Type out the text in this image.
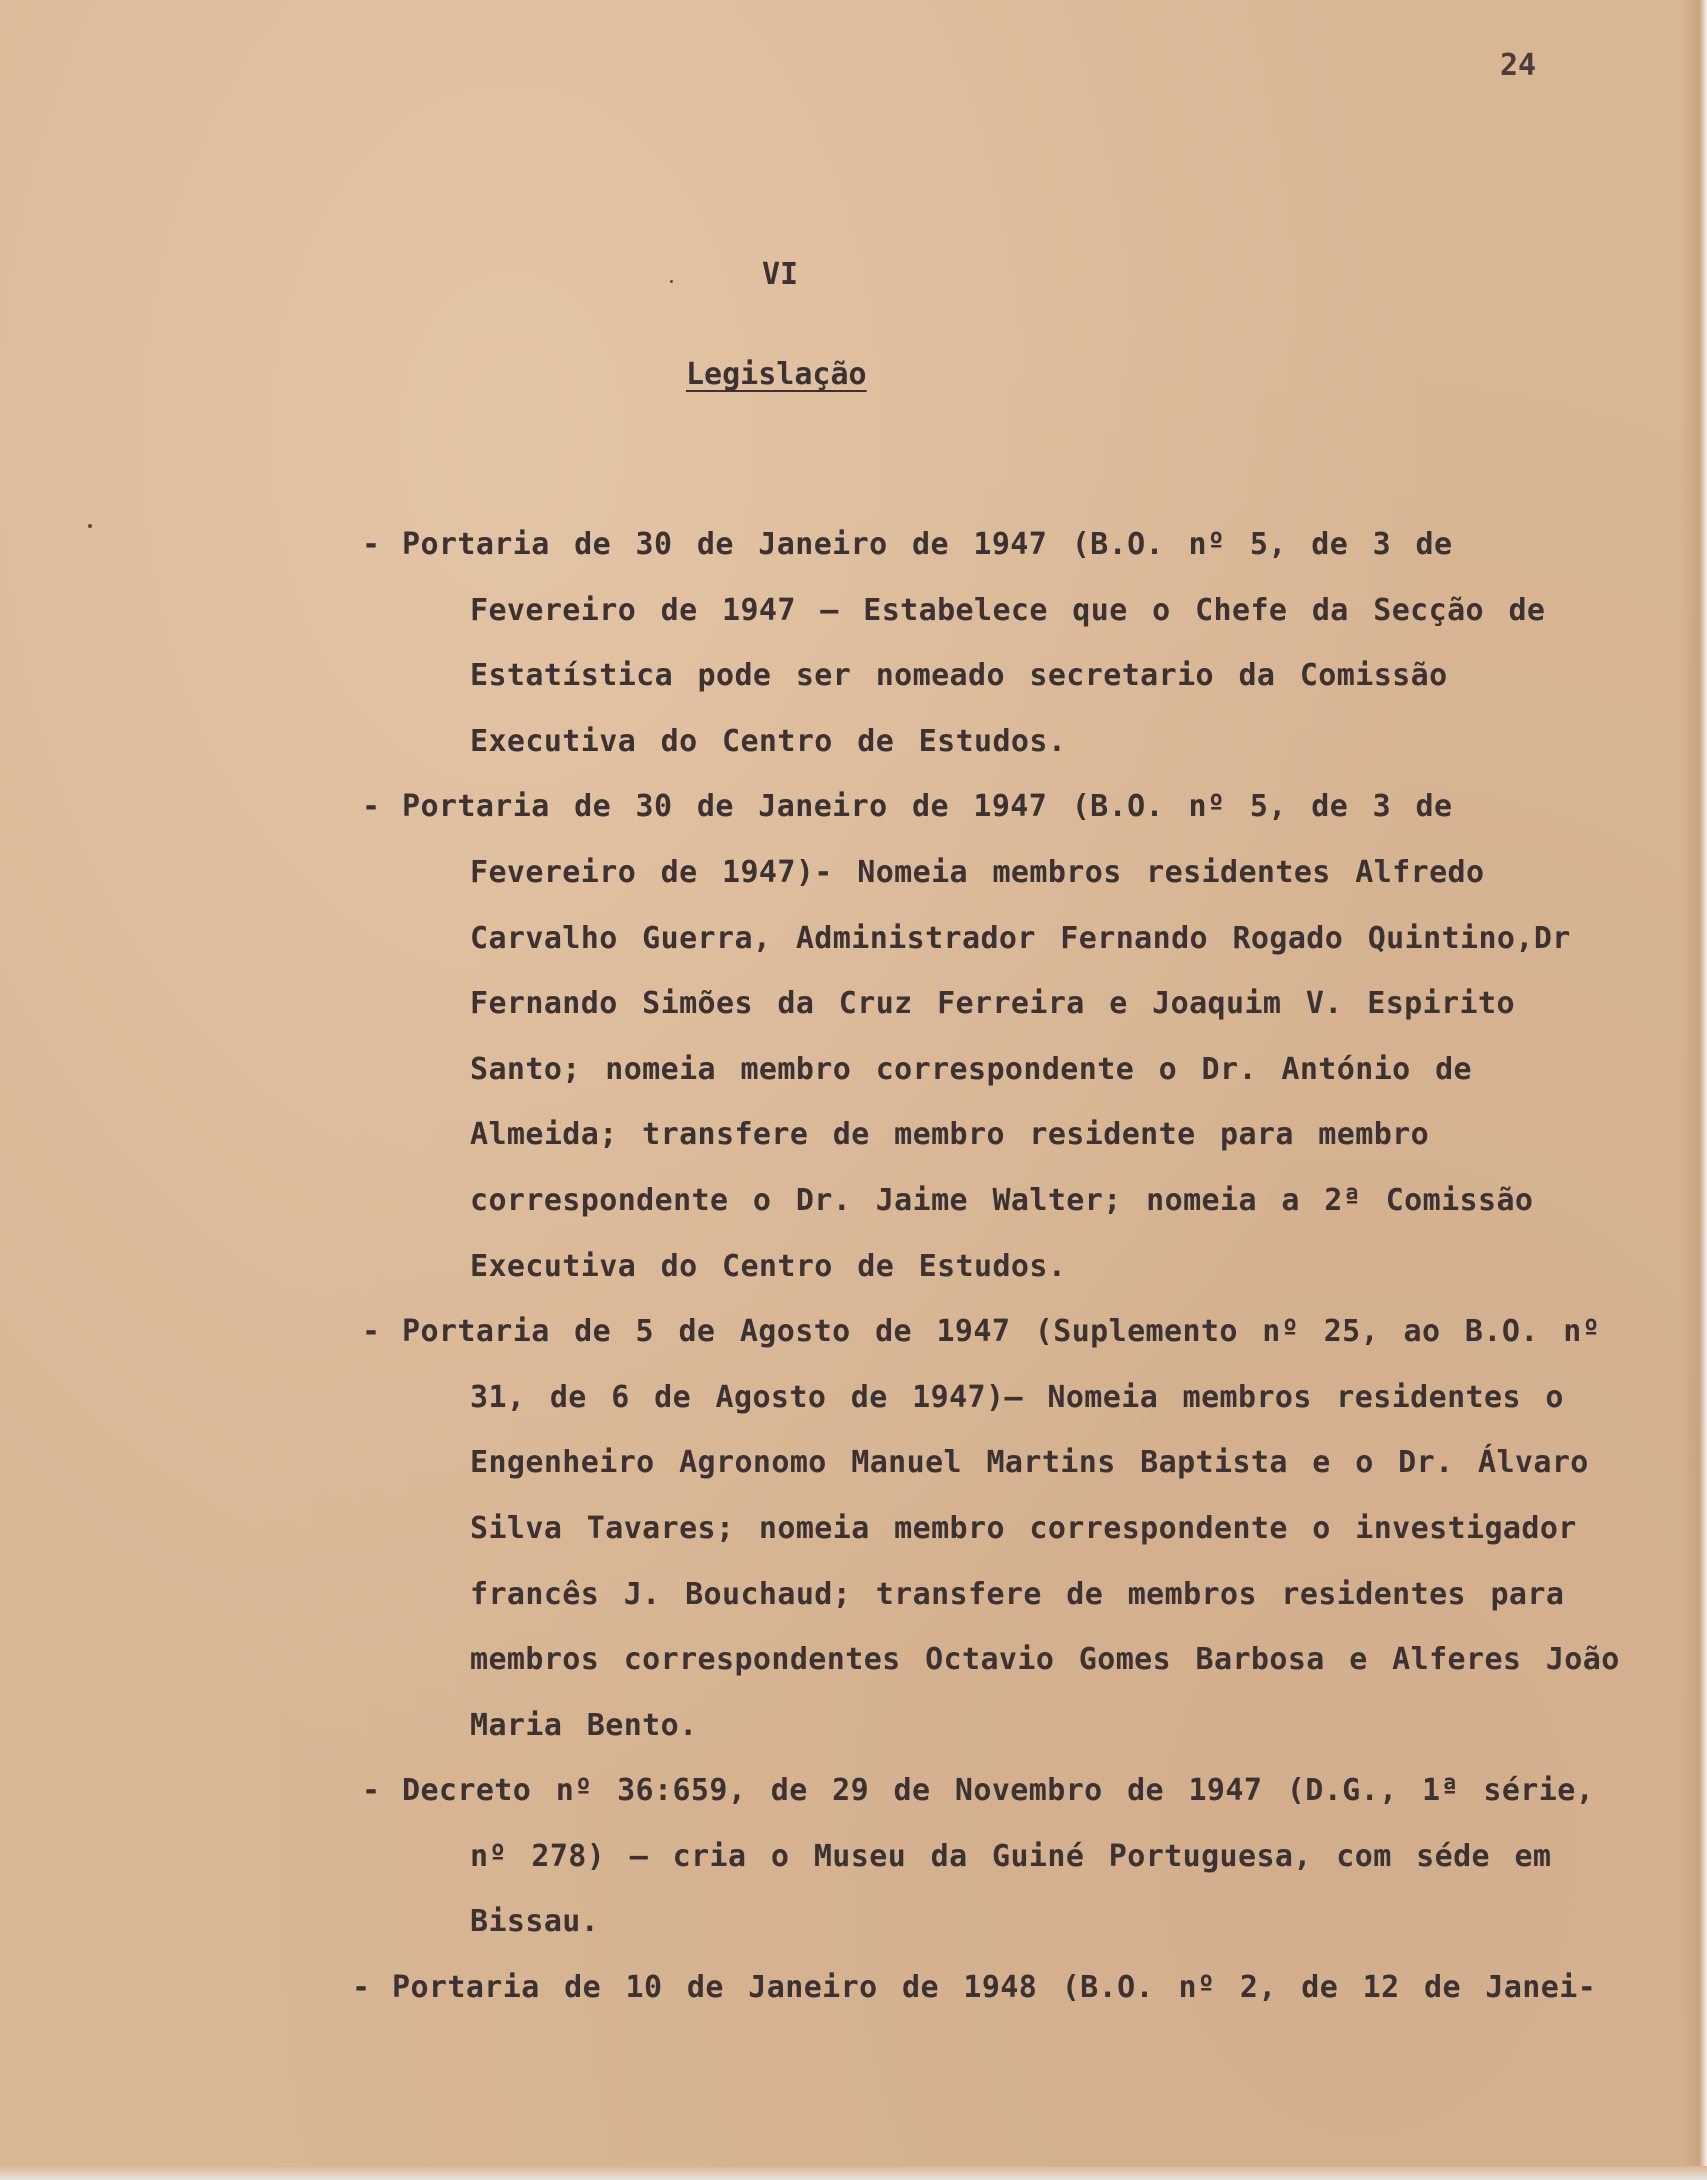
24
VI
Legislação
- Portaria de 30 de Janeiro de 1947 (B.O. nº 5, de 3 de Fevereiro de 1947 — Estabelece que o Chefe da Secção de Estatística pode ser nomeado secretario da Comissão Executiva do Centro de Estudos.
- Portaria de 30 de Janeiro de 1947 (B.O. nº 5, de 3 de Fevereiro de 1947)- Nomeia membros residentes Alfredo Carvalho Guerra, Administrador Fernando Rogado Quintino,Dr Fernando Simões da Cruz Ferreira e Joaquim V. Espirito Santo; nomeia membro correspondente o Dr. António de Almeida; transfere de membro residente para membro correspondente o Dr. Jaime Walter; nomeia a 2ª Comissão Executiva do Centro de Estudos.
- Portaria de 5 de Agosto de 1947 (Suplemento nº 25, ao B.O. nº 31, de 6 de Agosto de 1947)— Nomeia membros residentes o Engenheiro Agronomo Manuel Martins Baptista e o Dr. Álvaro Silva Tavares; nomeia membro correspondente o investigador francês J. Bouchaud; transfere de membros residentes para membros correspondentes Octavio Gomes Barbosa e Alferes João Maria Bento.
- Decreto nº 36:659, de 29 de Novembro de 1947 (D.G., 1ª série, nº 278) — cria o Museu da Guiné Portuguesa, com séde em Bissau.
- Portaria de 10 de Janeiro de 1948 (B.O. nº 2, de 12 de Janei-
